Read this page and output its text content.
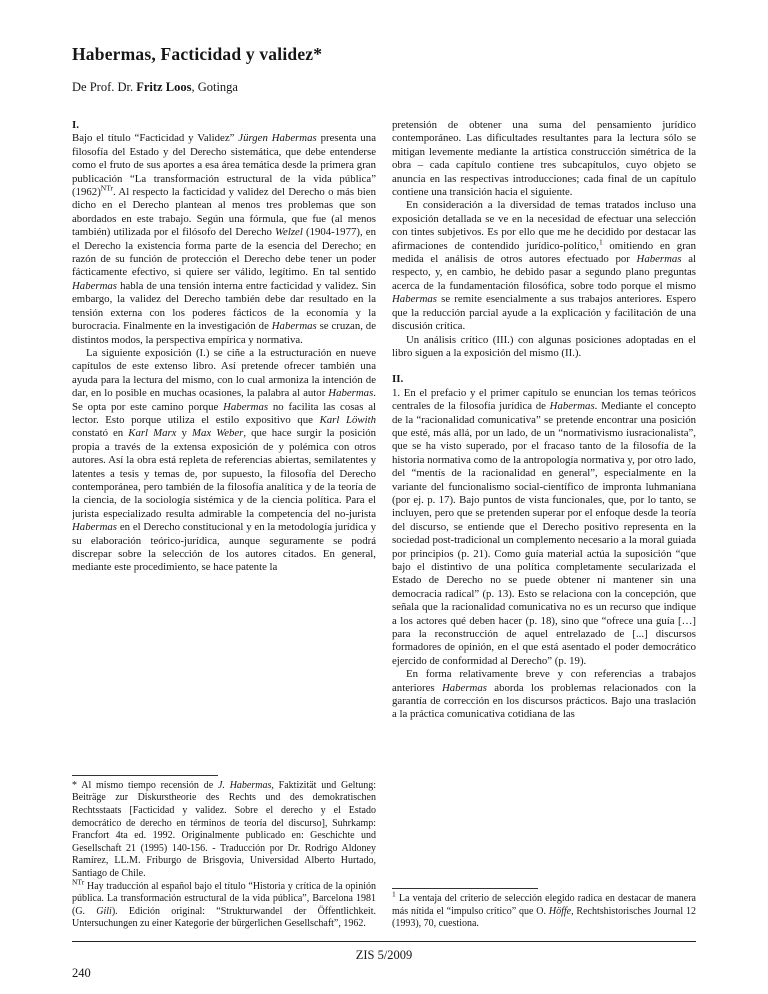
Habermas, Facticidad y validez*
De Prof. Dr. Fritz Loos, Gotinga
I.

Bajo el título “Facticidad y Validez” Jürgen Habermas presenta una filosofía del Estado y del Derecho sistemática, que debe entenderse como el fruto de sus aportes a esa área temática desde la primera gran publicación “La transformación estructural de la vida pública” $(1962)^{NTr}$. Al respecto la facticidad y validez del Derecho o más bien dicho en el Derecho plantean al menos tres problemas que son abordados en este trabajo. Según una fórmula, que fue (al menos también) utilizada por el filósofo del Derecho Welzel (1904-1977), en el Derecho la existencia forma parte de la esencia del Derecho; en razón de su función de protección el Derecho debe tener un poder fácticamente efectivo, si quiere ser válido, legítimo. En tal sentido Habermas habla de una tensión interna entre facticidad y validez. Sin embargo, la validez del Derecho también debe dar resultado en la tensión externa con los poderes fácticos de la economía y la burocracia. Finalmente en la investigación de Habermas se cruzan, de distintos modos, la perspectiva empírica y normativa.

La siguiente exposición (I.) se ciñe a la estructuración en nueve capítulos de este extenso libro. Así pretende ofrecer también una ayuda para la lectura del mismo, con lo cual armoniza la intención de dar, en lo posible en muchas ocasiones, la palabra al autor Habermas. Se opta por este camino porque Habermas no facilita las cosas al lector. Esto porque utiliza el estilo expositivo que Karl Löwith constató en Karl Marx y Max Weber, que hace surgir la posición propia a través de la extensa exposición de y polémica con otros autores. Así la obra está repleta de referencias abiertas, semilatentes y latentes a tesis y temas de, por supuesto, la filosofía del Derecho contemporánea, pero también de la filosofía analítica y de la teoría de la ciencia, de la sociología sistémica y de la ciencia política. Para el jurista especializado resulta admirable la competencia del no-jurista Habermas en el Derecho constitucional y en la metodología jurídica y su elaboración teórico-jurídica, aunque seguramente se podrá discrepar sobre la selección de los autores citados. En general, mediante este procedimiento, se hace patente la

* Al mismo tiempo recensión de J. Habermas, Faktizität und Geltung: Beiträge zur Diskurstheorie des Rechts und des demokratischen Rechtsstaats [Facticidad y validez. Sobre el derecho y el Estado democrático de derecho en términos de teoría del discurso], Suhrkamp: Francfort 4ta ed. 1992. Originalmente publicado en: Geschichte und Gesellschaft 21 (1995) 140-156. - Traducción por Dr. Rodrigo Aldoney Ramírez, LL.M. Friburgo de Brisgovia, Universidad Alberto Hurtado, Santiago de Chile.

$^{NTr}$ Hay traducción al español bajo el título “Historia y crítica de la opinión pública. La transformación estructural de la vida pública”, Barcelona 1981 (G. Gili). Edición original: “Strukturwandel der Öffentlichkeit. Untersuchungen zu einer Kategorie der bürgerlichen Gesellschaft”, 1962.

pretensión de obtener una suma del pensamiento jurídico contemporáneo. Las dificultades resultantes para la lectura sólo se mitigan levemente mediante la artística construcción simétrica de la obra – cada capítulo contiene tres subcapítulos, cuyo objeto se anuncia en las respectivas introducciones; cada final de un capítulo contiene una transición hacia el siguiente.

En consideración a la diversidad de temas tratados incluso una exposición detallada se ve en la necesidad de efectuar una selección con tintes subjetivos. Es por ello que me he decidido por destacar las afirmaciones de contendido jurídico-político,$^1$ omitiendo en gran medida el análisis de otros autores efectuado por Habermas al respecto, y, en cambio, he debido pasar a segundo plano preguntas acerca de la fundamentación filosófica, sobre todo porque el mismo Habermas se remite esencialmente a sus trabajos anteriores. Espero que la reducción parcial ayude a la explicación y facilitación de una discusión crítica.

Un análisis crítico (III.) con algunas posiciones adoptadas en el libro siguen a la exposición del mismo (II.).

II.

1. En el prefacio y el primer capítulo se enuncian los temas teóricos centrales de la filosofía jurídica de Habermas. Mediante el concepto de la “racionalidad comunicativa” se pretende encontrar una posición que esté, más allá, por un lado, de un “normativismo iusracionalista”, que se ha visto superado, por el fracaso tanto de la filosofía de la historia normativa como de la antropología normativa y, por otro lado, del “mentís de la racionalidad en general”, especialmente en la variante del funcionalismo social-científico de impronta luhmaniana (por ej. p. 17). Bajo puntos de vista funcionales, que, por lo tanto, se incluyen, pero que se pretenden superar por el enfoque desde la teoría del discurso, se entiende que el Derecho positivo representa en la sociedad post-tradicional un complemento necesario a la moral guiada por principios (p. 21). Como guía material actúa la suposición “que bajo el distintivo de una política completamente secularizada el Estado de Derecho no se puede obtener ni mantener sin una democracia radical” (p. 13). Esto se relaciona con la concepción, que señala que la racionalidad comunicativa no es un recurso que indique a los actores qué deben hacer (p. 18), sino que “ofrece una guía […] para la reconstrucción de aquel entrelazado de [...] discursos formadores de opinión, en el que está asentado el poder democrático ejercido de conformidad al Derecho” (p. 19).

En forma relativamente breve y con referencias a trabajos anteriores Habermas aborda los problemas relacionados con la garantía de corrección en los discursos prácticos. Bajo una traslación a la práctica comunicativa cotidiana de las

$^1$ La ventaja del criterio de selección elegido radica en destacar de manera más nítida el “impulso crítico” que O. Höffe, Rechtshistorisches Journal 12 (1993), 70, cuestiona.

ZIS 5/2009
240
